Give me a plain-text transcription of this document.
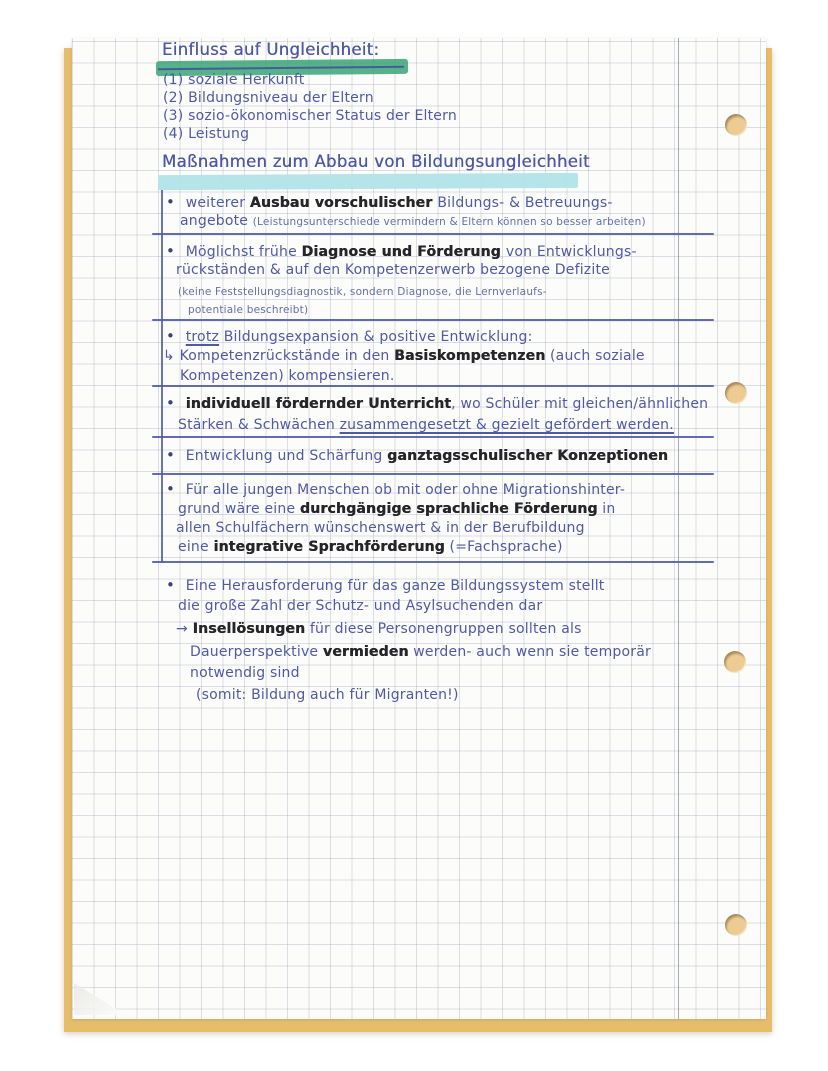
Einfluss auf Ungleichheit:
(1) soziale Herkunft
(2) Bildungsniveau der Eltern
(3) sozio-ökonomischer Status der Eltern
(4) Leistung
Maßnahmen zum Abbau von Bildungsungleichheit
• weiterer Ausbau vorschulischer Bildungs- & Betreuungs-
angebote (Leistungsunterschiede vermindern & Eltern können so besser arbeiten)
• Möglichst frühe Diagnose und Förderung von Entwicklungs-
rückständen & auf den Kompetenzerwerb bezogene Defizite
(keine Feststellungsdiagnostik, sondern Diagnose, die Lernverlaufs-
potentiale beschreibt)
• trotz Bildungsexpansion & positive Entwicklung:
↳ Kompetenzrückstände in den Basiskompetenzen (auch soziale
Kompetenzen) kompensieren.
• individuell fördernder Unterricht, wo Schüler mit gleichen/ähnlichen
Stärken & Schwächen zusammengesetzt & gezielt gefördert werden.
• Entwicklung und Schärfung ganztagsschulischer Konzeptionen
• Für alle jungen Menschen ob mit oder ohne Migrationshinter-
grund wäre eine durchgängige sprachliche Förderung in
allen Schulfächern wünschenswert & in der Berufbildung
eine integrative Sprachförderung (=Fachsprache)
• Eine Herausforderung für das ganze Bildungssystem stellt
die große Zahl der Schutz- und Asylsuchenden dar
→ Insellösungen für diese Personengruppen sollten als
Dauerperspektive vermieden werden- auch wenn sie temporär
notwendig sind
(somit: Bildung auch für Migranten!)
